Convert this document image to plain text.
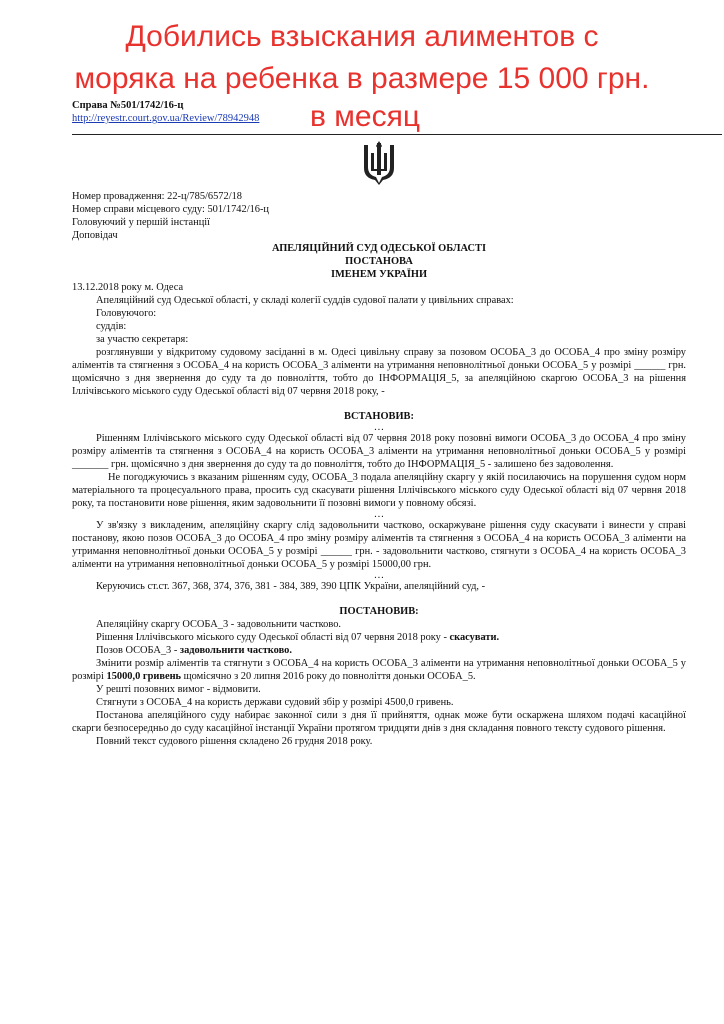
Добились взыскания алиментов с
моряка на ребенка в размере 15 000 грн.
в месяц
Справа №501/1742/16-ц
http://reyestr.court.gov.ua/Review/78942948

Номер провадження: 22-ц/785/6572/18

Номер справи місцевого суду: 501/1742/16-ц

Головуючий у першій інстанції

Доповідач

АПЕЛЯЦІЙНИЙ СУД ОДЕСЬКОЇ ОБЛАСТІ

ПОСТАНОВА

ІМЕНЕМ УКРАЇНИ

13.12.2018 року м. Одеса

Апеляційний суд Одеської області, у складі колегії суддів судової палати у цивільних справах:

Головуючого:

суддів:

за участю секретаря:

розглянувши у відкритому судовому засіданні в м. Одесі цивільну справу за позовом ОСОБА_3 до ОСОБА_4 про зміну розміру аліментів та стягнення з ОСОБА_4 на користь ОСОБА_3 аліменти на утримання неповнолітньої доньки ОСОБА_5 у розмірі ______ грн. щомісячно з дня звернення до суду та до повноліття, тобто до ІНФОРМАЦІЯ_5, за апеляційною скаргою ОСОБА_3 на рішення Іллічівського міського суду Одеської області від 07 червня 2018 року, -

ВСТАНОВИВ:

…

Рішенням Іллічівського міського суду Одеської області від 07 червня 2018 року позовні вимоги ОСОБА_3 до ОСОБА_4 про зміну розміру аліментів та стягнення з ОСОБА_4 на користь ОСОБА_3 аліменти на утримання неповнолітньої доньки ОСОБА_5 у розмірі _______ грн. щомісячно з дня звернення до суду та до повноліття, тобто до ІНФОРМАЦІЯ_5 - залишено без задоволення.

Не погоджуючись з вказаним рішенням суду, ОСОБА_3 подала апеляційну скаргу у якій посилаючись на порушення судом норм матеріального та процесуального права, просить суд скасувати рішення Іллічівського міського суду Одеської області від 07 червня 2018 року, та постановити нове рішення, яким задовольнити її позовні вимоги у повному обсязі.

…

У зв'язку з викладеним, апеляційну скаргу слід задовольнити частково, оскаржуване рішення суду скасувати і винести у справі постанову, якою позов ОСОБА_3 до ОСОБА_4 про зміну розміру аліментів та стягнення з ОСОБА_4 на користь ОСОБА_3 аліменти на утримання неповнолітньої доньки ОСОБА_5 у розмірі ______ грн. - задовольнити частково, стягнути з ОСОБА_4 на користь ОСОБА_3 аліменти на утримання неповнолітньої доньки ОСОБА_5 у розмірі 15000,00 грн.

…

Керуючись ст.ст. 367, 368, 374, 376, 381 - 384, 389, 390 ЦПК України, апеляційний суд, -

ПОСТАНОВИВ:

Апеляційну скаргу ОСОБА_3 - задовольнити частково.

Рішення Іллічівського міського суду Одеської області від 07 червня 2018 року - скасувати.

Позов ОСОБА_3 - задовольнити частково.

Змінити розмір аліментів та стягнути з ОСОБА_4 на користь ОСОБА_3 аліменти на утримання неповнолітньої доньки ОСОБА_5 у розмірі 15000,0 гривень щомісячно з 20 липня 2016 року до повноліття доньки ОСОБА_5.

У решті позовних вимог - відмовити.

Стягнути з ОСОБА_4 на користь держави судовий збір у розмірі 4500,0 гривень.

Постанова апеляційного суду набирає законної сили з дня її прийняття, однак може бути оскаржена шляхом подачі касаційної скарги безпосередньо до суду касаційної інстанції України протягом тридцяти днів з дня складання повного тексту судового рішення.

Повний текст судового рішення складено 26 грудня 2018 року.
